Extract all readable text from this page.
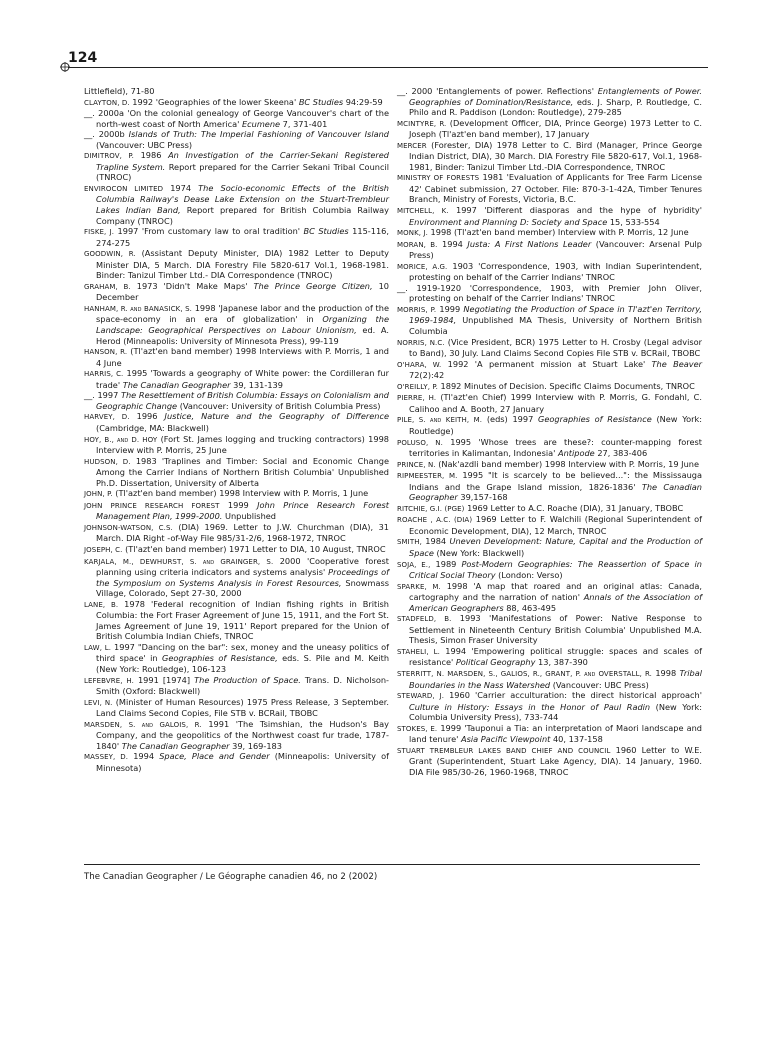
124
Littlefield), 71-80
CLAYTON, D. 1992 'Geographies of the lower Skeena' BC Studies 94:29-59
__. 2000a 'On the colonial genealogy of George Vancouver's chart of the north-west coast of North America' Ecumene 7, 371-401
__. 2000b Islands of Truth: The Imperial Fashioning of Vancouver Island (Vancouver: UBC Press)
DIMITROV, P. 1986 An Investigation of the Carrier-Sekani Registered Trapline System. Report prepared for the Carrier Sekani Tribal Council (TNROC)
ENVIROCON LIMITED 1974 The Socio-economic Effects of the British Columbia Railway's Dease Lake Extension on the Stuart-Trembleur Lakes Indian Band, Report prepared for British Columbia Railway Company (TNROC)
FISKE, J. 1997 'From customary law to oral tradition' BC Studies 115-116, 274-275
GOODWIN, R. (Assistant Deputy Minister, DIA) 1982 Letter to Deputy Minister DIA, 5 March. DIA Forestry File 5820-617 Vol.1, 1968-1981. Binder: Tanizul Timber Ltd.- DIA Correspondence (TNROC)
GRAHAM, B. 1973 'Didn't Make Maps' The Prince George Citizen, 10 December
HANHAM, R. and BANASICK, S. 1998 'Japanese labor and the production of the space-economy in an era of globalization' in Organizing the Landscape: Geographical Perspectives on Labour Unionism, ed. A. Herod (Minneapolis: University of Minnesota Press), 99-119
HANSON, R. (Tl'azt'en band member) 1998 Interviews with P. Morris, 1 and 4 June
HARRIS, C. 1995 'Towards a geography of White power: the Cordilleran fur trade' The Canadian Geographer 39, 131-139
__. 1997 The Resettlement of British Columbia: Essays on Colonialism and Geographic Change (Vancouver: University of British Columbia Press)
HARVEY, D. 1996 Justice, Nature and the Geography of Difference (Cambridge, MA: Blackwell)
HOY, B., and D. HOY (Fort St. James logging and trucking contractors) 1998 Interview with P. Morris, 25 June
HUDSON, D. 1983 'Traplines and Timber: Social and Economic Change Among the Carrier Indians of Northern British Columbia' Unpublished Ph.D. Dissertation, University of Alberta
JOHN, P. (Tl'azt'en band member) 1998 Interview with P. Morris, 1 June
JOHN PRINCE RESEARCH FOREST 1999 John Prince Research Forest Management Plan, 1999-2000. Unpublished
JOHNSON-WATSON, C.S. (DIA) 1969. Letter to J.W. Churchman (DIA), 31 March. DIA Right -of-Way File 985/31-2/6, 1968-1972, TNROC
JOSEPH, C. (Tl'azt'en band member) 1971 Letter to DIA, 10 August, TNROC
KARJALA, M., DEWHURST, S. and GRAINGER, S. 2000 'Cooperative forest planning using criteria indicators and systems analysis' Proceedings of the Symposium on Systems Analysis in Forest Resources, Snowmass Village, Colorado, Sept 27-30, 2000
LANE, B. 1978 'Federal recognition of Indian fishing rights in British Columbia: the Fort Fraser Agreement of June 15, 1911, and the Fort St. James Agreement of June 19, 1911' Report prepared for the Union of British Columbia Indian Chiefs, TNROC
LAW, L. 1997 "Dancing on the bar": sex, money and the uneasy politics of third space' in Geographies of Resistance, eds. S. Pile and M. Keith (New York: Routledge), 106-123
LEFEBVRE, H. 1991 [1974] The Production of Space. Trans. D. Nicholson-Smith (Oxford: Blackwell)
LEVI, N. (Minister of Human Resources) 1975 Press Release, 3 September. Land Claims Second Copies, File STB v. BCRail, TBOBC
MARSDEN, S. and GALOIS, R. 1991 'The Tsimshian, the Hudson's Bay Company, and the geopolitics of the Northwest coast fur trade, 1787-1840' The Canadian Geographer 39, 169-183
MASSEY, D. 1994 Space, Place and Gender (Minneapolis: University of Minnesota)
__. 2000 'Entanglements of power. Reflections' Entanglements of Power. Geographies of Domination/Resistance, eds. J. Sharp, P. Routledge, C. Philo and R. Paddison (London: Routledge), 279-285
MCINTYRE, R. (Development Officer, DIA, Prince George) 1973 Letter to C. Joseph (Tl'azt'en band member), 17 January
MERCER (Forester, DIA) 1978 Letter to C. Bird (Manager, Prince George Indian District, DIA), 30 March. DIA Forestry File 5820-617, Vol.1, 1968-1981, Binder: Tanizul Timber Ltd.-DIA Correspondence, TNROC
MINISTRY OF FORESTS 1981 'Evaluation of Applicants for Tree Farm License 42' Cabinet submission, 27 October. File: 870-3-1-42A, Timber Tenures Branch, Ministry of Forests, Victoria, B.C.
MITCHELL, K. 1997 'Different diasporas and the hype of hybridity' Environment and Planning D: Society and Space 15, 533-554
MONK, J. 1998 (Tl'azt'en band member) Interview with P. Morris, 12 June
MORAN, B. 1994 Justa: A First Nations Leader (Vancouver: Arsenal Pulp Press)
MORICE, A.G. 1903 'Correspondence, 1903, with Indian Superintendent, protesting on behalf of the Carrier Indians' TNROC
__. 1919-1920 'Correspondence, 1903, with Premier John Oliver, protesting on behalf of the Carrier Indians' TNROC
MORRIS, P. 1999 Negotiating the Production of Space in Tl'azt'en Territory, 1969-1984, Unpublished MA Thesis, University of Northern British Columbia
NORRIS, N.C. (Vice President, BCR) 1975 Letter to H. Crosby (Legal advisor to Band), 30 July. Land Claims Second Copies File STB v. BCRail, TBOBC
O'HARA, W. 1992 'A permanent mission at Stuart Lake' The Beaver 72(2):42
O'REILLY, P. 1892 Minutes of Decision. Specific Claims Documents, TNROC
PIERRE, H. (Tl'azt'en Chief) 1999 Interview with P. Morris, G. Fondahl, C. Calihoo and A. Booth, 27 January
PILE, S. and KEITH, M. (eds) 1997 Geographies of Resistance (New York: Routledge)
POLUSO, N. 1995 'Whose trees are these?: counter-mapping forest territories in Kalimantan, Indonesia' Antipode 27, 383-406
PRINCE, N. (Nak'azdli band member) 1998 Interview with P. Morris, 19 June
RIPMEESTER, M. 1995 "It is scarcely to be believed...": the Mississauga Indians and the Grape Island mission, 1826-1836' The Canadian Geographer 39,157-168
RITCHIE, G.I. (PGE) 1969 Letter to A.C. Roache (DIA), 31 January, TBOBC
ROACHE , A.C. (DIA) 1969 Letter to F. Walchili (Regional Superintendent of Economic Development, DIA), 12 March, TNROC
SMITH, 1984 Uneven Development: Nature, Capital and the Production of Space (New York: Blackwell)
SOJA, E., 1989 Post-Modern Geographies: The Reassertion of Space in Critical Social Theory (London: Verso)
SPARKE, M. 1998 'A map that roared and an original atlas: Canada, cartography and the narration of nation' Annals of the Association of American Geographers 88, 463-495
STADFELD, B. 1993 'Manifestations of Power: Native Response to Settlement in Nineteenth Century British Columbia' Unpublished M.A. Thesis, Simon Fraser University
STAHELI, L. 1994 'Empowering political struggle: spaces and scales of resistance' Political Geography 13, 387-390
STERRITT, N. MARSDEN, S., GALIOS, R., GRANT, P. and OVERSTALL, R. 1998 Tribal Boundaries in the Nass Watershed (Vancouver: UBC Press)
STEWARD, J. 1960 'Carrier acculturation: the direct historical approach' Culture in History: Essays in the Honor of Paul Radin (New York: Columbia University Press), 733-744
STOKES, E. 1999 'Tauponui a Tia: an interpretation of Maori landscape and land tenure' Asia Pacific Viewpoint 40, 137-158
STUART TREMBLEUR LAKES BAND CHIEF AND COUNCIL 1960 Letter to W.E. Grant (Superintendent, Stuart Lake Agency, DIA). 14 January, 1960. DIA File 985/30-26, 1960-1968, TNROC
The Canadian Geographer / Le Géographe canadien 46, no 2 (2002)
